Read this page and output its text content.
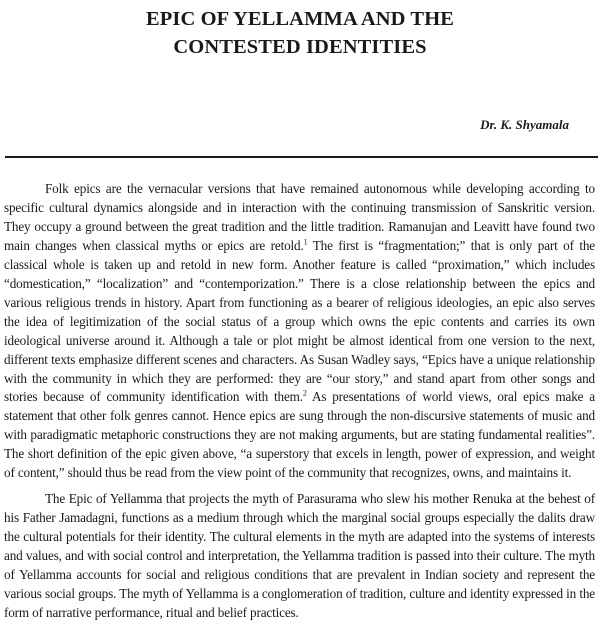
EPIC OF YELLAMMA AND THE
CONTESTED IDENTITIES

Dr. K. Shyamala

Folk epics are the vernacular versions that have remained autonomous while developing according to specific cultural dynamics alongside and in interaction with the continuing transmission of Sanskritic version. They occupy a ground between the great tradition and the little tradition. Ramanujan and Leavitt have found two main changes when classical myths or epics are retold.$^1$ The first is “fragmentation;” that is only part of the classical whole is taken up and retold in new form. Another feature is called “proximation,” which includes “domestication,” “localization” and “contemporization.” There is a close relationship between the epics and various religious trends in history. Apart from functioning as a bearer of religious ideologies, an epic also serves the idea of legitimization of the social status of a group which owns the epic contents and carries its own ideological universe around it. Although a tale or plot might be almost identical from one version to the next, different texts emphasize different scenes and characters. As Susan Wadley says, “Epics have a unique relationship with the community in which they are performed: they are “our story,” and stand apart from other songs and stories because of community identification with them.$^2$ As presentations of world views, oral epics make a statement that other folk genres cannot. Hence epics are sung through the non-discursive statements of music and with paradigmatic metaphoric constructions they are not making arguments, but are stating fundamental realities”. The short definition of the epic given above, “a superstory that excels in length, power of expression, and weight of content,” should thus be read from the view point of the community that recognizes, owns, and maintains it.

The Epic of Yellamma that projects the myth of Parasurama who slew his mother Renuka at the behest of his Father Jamadagni, functions as a medium through which the marginal social groups especially the dalits draw the cultural potentials for their identity. The cultural elements in the myth are adapted into the systems of interests and values, and with social control and interpretation, the Yellamma tradition is passed into their culture. The myth of Yellamma accounts for social and religious conditions that are prevalent in Indian society and represent the various social groups. The myth of Yellamma is a conglomeration of tradition, culture and identity expressed in the form of narrative performance, ritual and belief practices.
